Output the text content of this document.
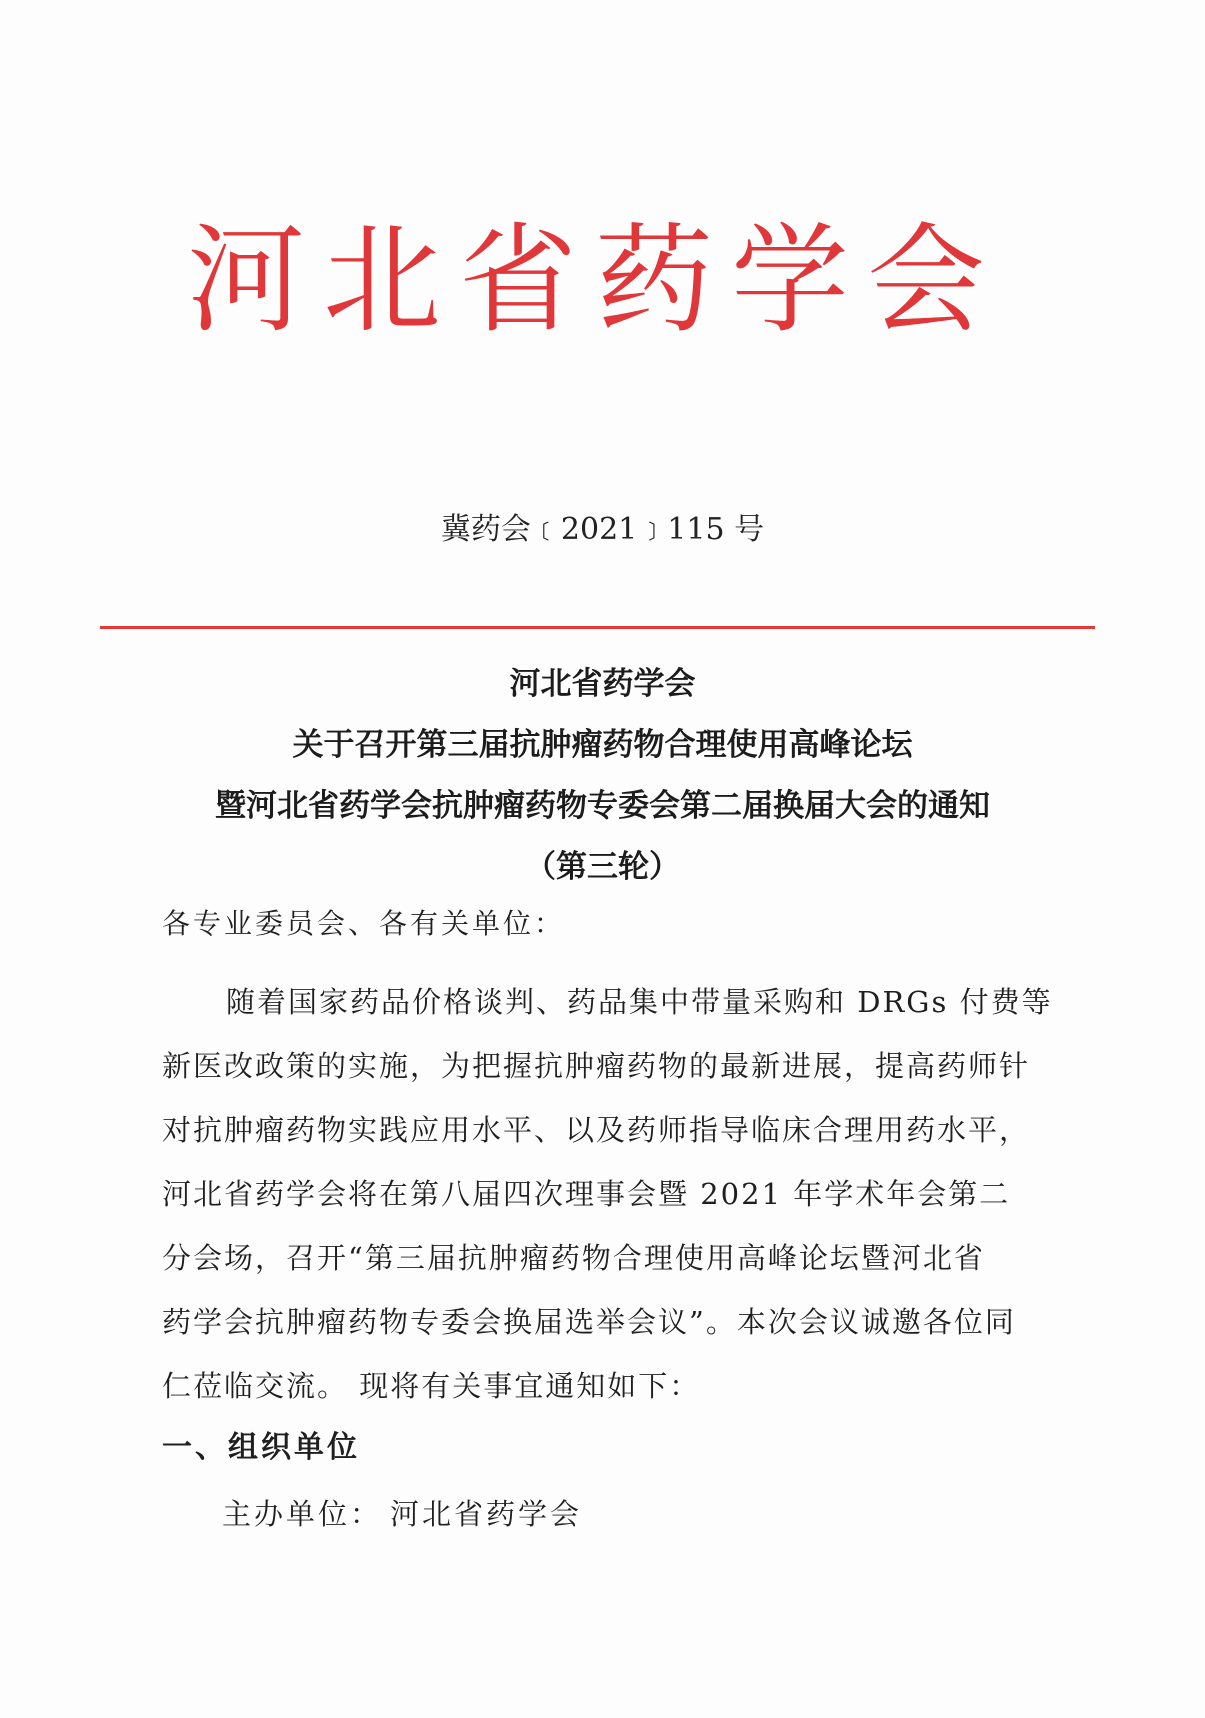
河北省药学会
冀药会﹝2021﹞115 号
河北省药学会
关于召开第三届抗肿瘤药物合理使用高峰论坛
暨河北省药学会抗肿瘤药物专委会第二届换届大会的通知
（第三轮）
各专业委员会、各有关单位：
随着国家药品价格谈判、药品集中带量采购和 DRGs 付费等
新医改政策的实施，为把握抗肿瘤药物的最新进展，提高药师针
对抗肿瘤药物实践应用水平、以及药师指导临床合理用药水平，
河北省药学会将在第八届四次理事会暨 2021 年学术年会第二
分会场，召开“第三届抗肿瘤药物合理使用高峰论坛暨河北省
药学会抗肿瘤药物专委会换届选举会议”。本次会议诚邀各位同
仁莅临交流。 现将有关事宜通知如下：
一、组织单位
主办单位： 河北省药学会
